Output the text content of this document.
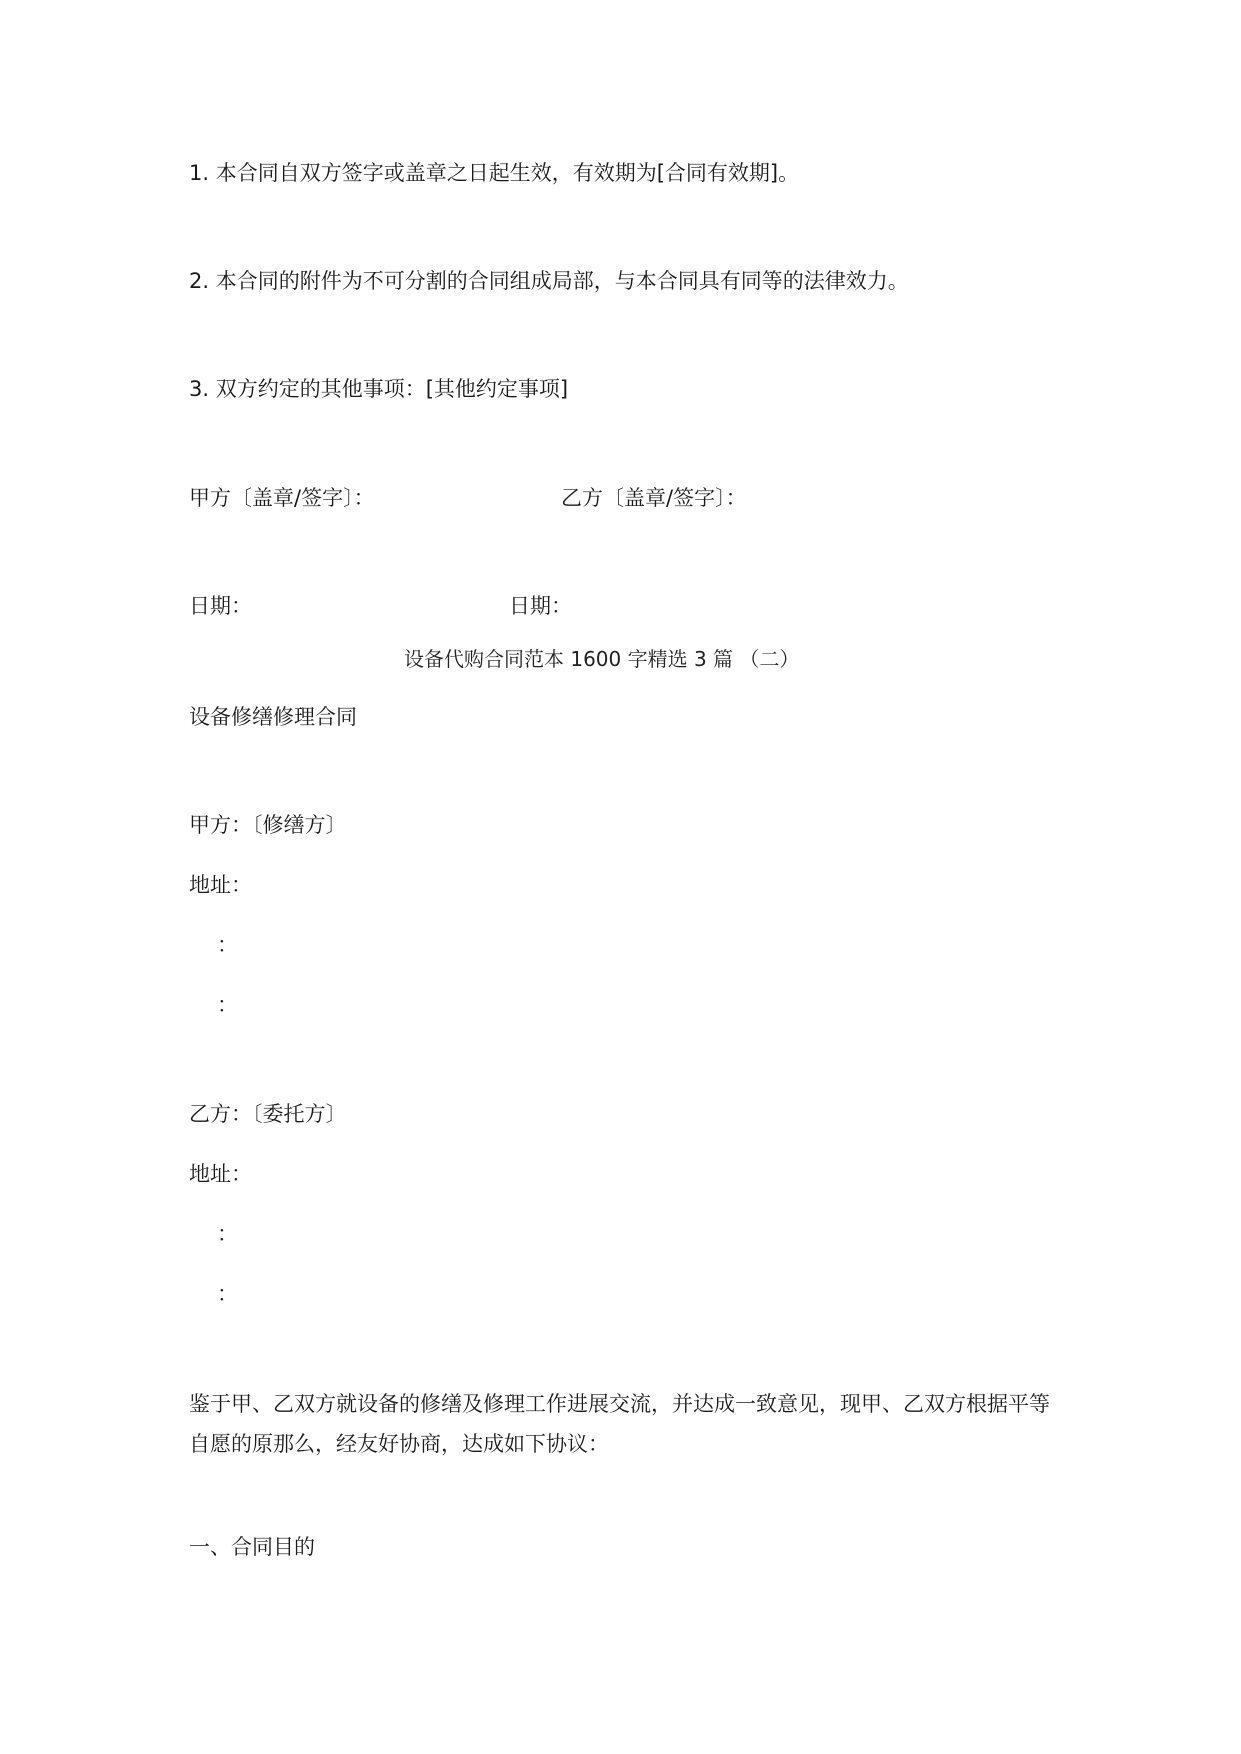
1. 本合同自双方签字或盖章之日起生效，有效期为[合同有效期]。
2. 本合同的附件为不可分割的合同组成局部，与本合同具有同等的法律效力。
3. 双方约定的其他事项：[其他约定事项]
甲方〔盖章/签字〕：	乙方〔盖章/签字〕：
日期：	日期：
设备代购合同范本 1600 字精选 3 篇 （二）
设备修缮修理合同
甲方：〔修缮方〕
地址：
：
：
乙方：〔委托方〕
地址：
：
：
鉴于甲、乙双方就设备的修缮及修理工作进展交流，并达成一致意见，现甲、乙双方根据平等自愿的原那么，经友好协商，达成如下协议：
一、合同目的
